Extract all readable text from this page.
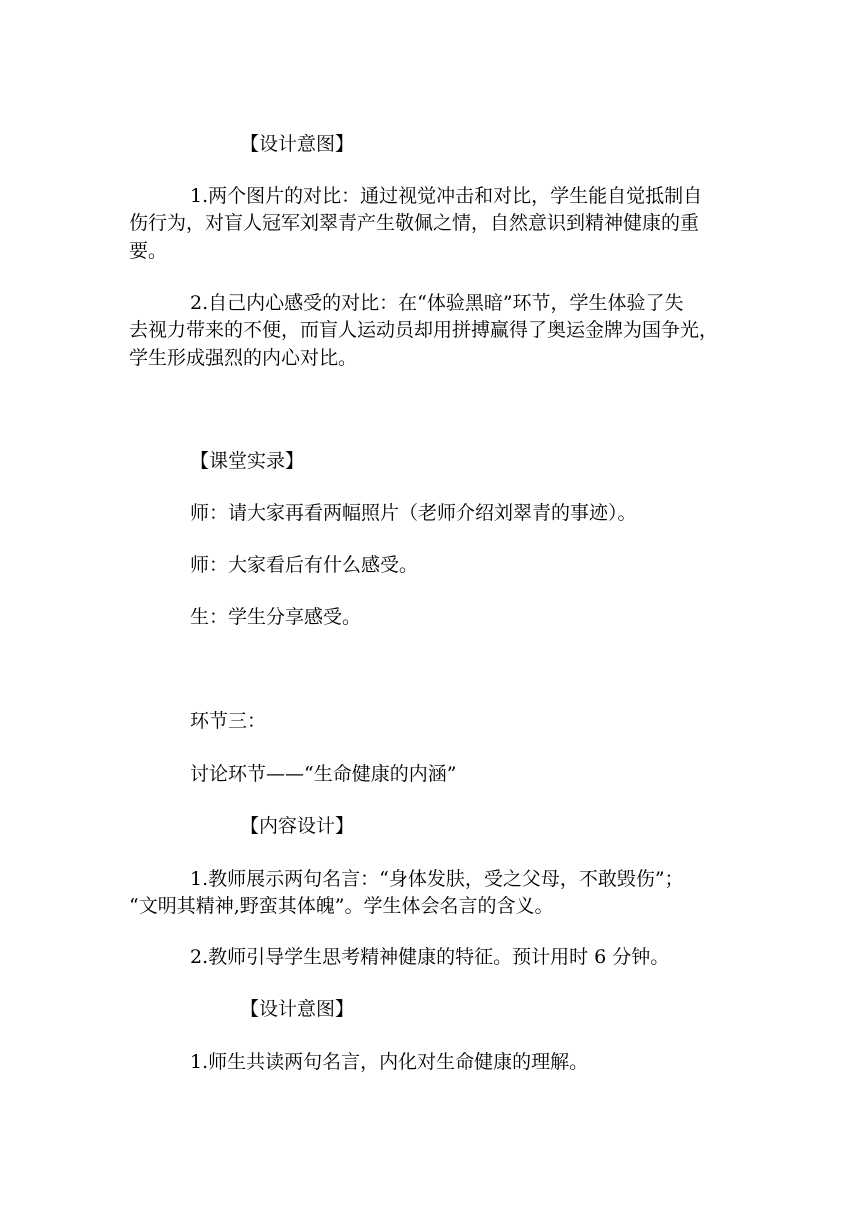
【设计意图】
1.两个图片的对比：通过视觉冲击和对比，学生能自觉抵制自
伤行为，对盲人冠军刘翠青产生敬佩之情，自然意识到精神健康的重
要。
2.自己内心感受的对比：在“体验黑暗”环节，学生体验了失
去视力带来的不便，而盲人运动员却用拼搏赢得了奥运金牌为国争光，
学生形成强烈的内心对比。
【课堂实录】
师：请大家再看两幅照片（老师介绍刘翠青的事迹）。
师：大家看后有什么感受。
生：学生分享感受。
环节三：
讨论环节——“生命健康的内涵”
【内容设计】
1.教师展示两句名言：“身体发肤，受之父母，不敢毁伤”；
“文明其精神,野蛮其体魄”。学生体会名言的含义。
2.教师引导学生思考精神健康的特征。预计用时 6 分钟。
【设计意图】
1.师生共读两句名言，内化对生命健康的理解。
